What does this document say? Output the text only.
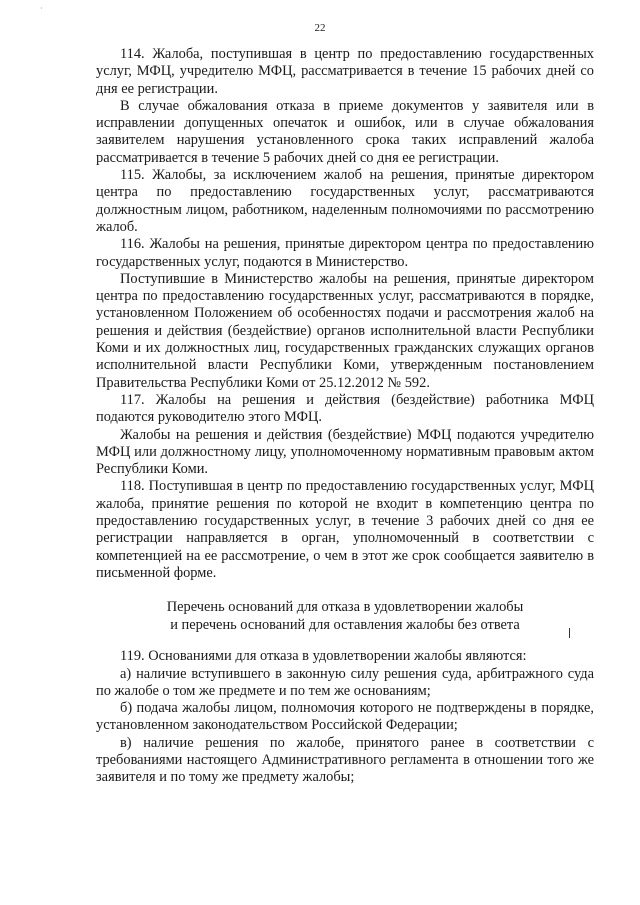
·
22

114. Жалоба, поступившая в центр по предоставлению государственных услуг, МФЦ, учредителю МФЦ, рассматривается в течение 15 рабочих дней со дня ее регистрации.

В случае обжалования отказа в приеме документов у заявителя или в исправлении допущенных опечаток и ошибок, или в случае обжалования заявителем нарушения установленного срока таких исправлений жалоба рассматривается в течение 5 рабочих дней со дня ее регистрации.

115. Жалобы, за исключением жалоб на решения, принятые директором центра по предоставлению государственных услуг, рассматриваются должностным лицом, работником, наделенным полномочиями по рассмотрению жалоб.

116. Жалобы на решения, принятые директором центра по предоставлению государственных услуг, подаются в Министерство.

Поступившие в Министерство жалобы на решения, принятые директором центра по предоставлению государственных услуг, рассматриваются в порядке, установленном Положением об особенностях подачи и рассмотрения жалоб на решения и действия (бездействие) органов исполнительной власти Республики Коми и их должностных лиц, государственных гражданских служащих органов исполнительной власти Республики Коми, утвержденным постановлением Правительства Республики Коми от 25.12.2012 № 592.

117. Жалобы на решения и действия (бездействие) работника МФЦ подаются руководителю этого МФЦ.

Жалобы на решения и действия (бездействие) МФЦ подаются учредителю МФЦ или должностному лицу, уполномоченному нормативным правовым актом Республики Коми.

118. Поступившая в центр по предоставлению государственных услуг, МФЦ жалоба, принятие решения по которой не входит в компетенцию центра по предоставлению государственных услуг, в течение 3 рабочих дней со дня ее регистрации направляется в орган, уполномоченный в соответствии с компетенцией на ее рассмотрение, о чем в этот же срок сообщается заявителю в письменной форме.

Перечень оснований для отказа в удовлетворении жалобы
и перечень оснований для оставления жалобы без ответа

119. Основаниями для отказа в удовлетворении жалобы являются:

а) наличие вступившего в законную силу решения суда, арбитражного суда по жалобе о том же предмете и по тем же основаниям;

б) подача жалобы лицом, полномочия которого не подтверждены в порядке, установленном законодательством Российской Федерации;

в) наличие решения по жалобе, принятого ранее в соответствии с требованиями настоящего Административного регламента в отношении того же заявителя и по тому же предмету жалобы;
